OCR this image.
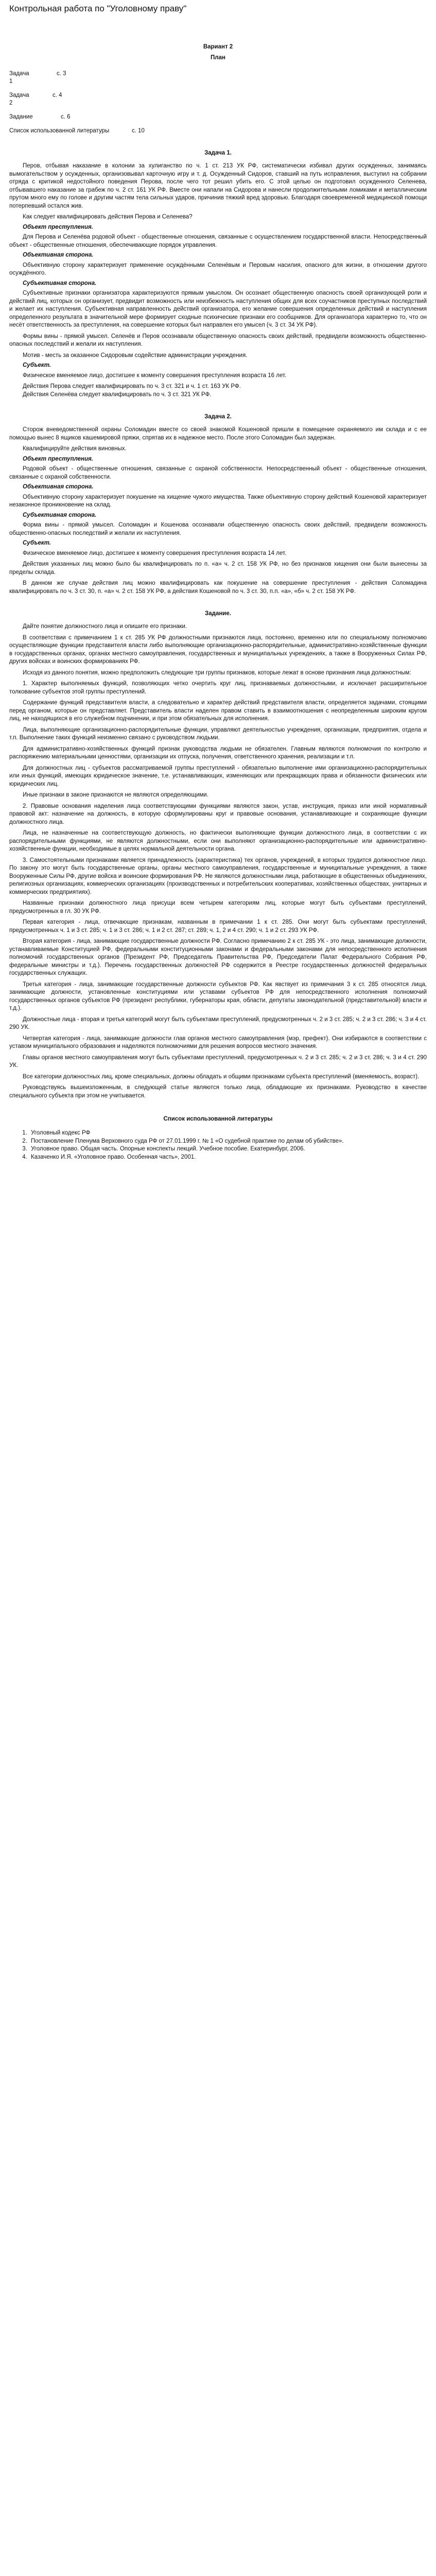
Контрольная работа по "Уголовному праву"
Вариант 2
План
Задача 1
с. 3
Задача 2
с. 4
Задание	с. 6
Список использованной литературы	с. 10
Задача 1.

Перов, отбывая наказание в колонии за хулиганство по ч. 1 ст. 213 УК РФ, систематически избивал других осужденных, занимаясь вымогательством у осужденных, организовывал карточную игру и т. д. Осужденный Сидоров, ставший на путь исправления, выступил на собрании отряда с критикой недостойного поведения Перова, после чего тот решил убить его. С этой целью он подготовил осужденного Селенева, отбывавшего наказание за грабеж по ч. 2 ст. 161 УК РФ. Вместе они напали на Сидорова и нанесли продолжительными ломиками и металлическим прутом много ему по голове и другим частям тела сильных ударов, причинив тяжкий вред здоровью. Благодаря своевременной медицинской помощи потерпевший остался жив.

Как следует квалифицировать действия Перова и Селенева?

Объект преступления.

Для Перова и Селенёва родовой объект - общественные отношения, связанные с осуществлением государственной власти. Непосредственный объект - общественные отношения, обеспечивающие порядок управления.

Объективная сторона.

Объективную сторону характеризует применение осуждёнными Селенёвым и Перовым насилия, опасного для жизни, в отношении другого осуждённого.

Субъективная сторона.

Субъективные признаки организатора характеризуются прямым умыслом. Он осознает общественную опасность своей организующей роли и действий лиц, которых он организует, предвидит возможность или неизбежность наступления общих для всех соучастников преступных последствий и желает их наступления. Субъективная направленность действий организатора, его желание совершения определенных действий и наступления определенного результата в значительной мере формирует сходные психические признаки его сообщников. Для организатора характерно то, что он несёт ответственность за преступления, на совершение которых был направлен его умысел (ч. 3 ст. 34 УК РФ).

Формы вины - прямой умысел. Селенёв и Перов осознавали общественную опасность своих действий, предвидели возможность общественно-опасных последствий и желали их наступления.

Мотив - месть за оказанное Сидоровым содействие администрации учреждения.

Субъект.

Физическое вменяемое лицо, достигшее к моменту совершения преступления возраста 16 лет.

Действия Перова следует квалифицировать по ч. 3 ст. 321 и ч. 1 ст. 163 УК РФ.

Действия Селенёва следует квалифицировать по ч. 3 ст. 321 УК РФ.

Задача 2.

Сторож вневедомственной охраны Соломадин вместе со своей знакомой Кошеновой пришли в помещение охраняемого им склада и с ее помощью вынес 8 ящиков кашемировой пряжи, спрятав их в надежное место. После этого Соломадин был задержан.

Квалифицируйте действия виновных.

Объект преступления.

Родовой объект - общественные отношения, связанные с охраной собственности. Непосредственный объект - общественные отношения, связанные с охраной собственности.

Объективная сторона.

Объективную сторону характеризует покушение на хищение чужого имущества. Также объективную сторону действий Кошеновой характеризует незаконное проникновение на склад.

Субъективная сторона.

Форма вины - прямой умысел. Соломадин и Кошенова осознавали общественную опасность своих действий, предвидели возможность общественно-опасных последствий и желали их наступления.

Субъект.

Физическое вменяемое лицо, достигшее к моменту совершения преступления возраста 14 лет.

Действия указанных лиц можно было бы квалифицировать по п. «а» ч. 2 ст. 158 УК РФ, но без признаков хищения они были вынесены за пределы склада.

В данном же случае действия лиц можно квалифицировать как покушение на совершение преступления - действия Соломадина квалифицировать по ч. 3 ст. 30, п. «а» ч. 2 ст. 158 УК РФ, а действия Кошеновой по ч. 3 ст. 30, п.п. «а», «б» ч. 2 ст. 158 УК РФ.

Задание.

Дайте понятие должностного лица и опишите его признаки.

В соответствии с примечанием 1 к ст. 285 УК РФ должностными признаются лица, постоянно, временно или по специальному полномочию осуществляющие функции представителя власти либо выполняющие организационно-распорядительные, административно-хозяйственные функции в государственных органах, органах местного самоуправления, государственных и муниципальных учреждениях, а также в Вооруженных Силах РФ, других войсках и воинских формированиях РФ.

Исходя из данного понятия, можно предположить следующие три группы признаков, которые лежат в основе признания лица должностным:

1. Характер выполняемых функций, позволяющих четко очертить круг лиц, признаваемых должностными, и исключает расширительное толкование субъектов этой группы преступлений.

Содержание функций представителя власти, а следовательно и характер действий представителя власти, определяется задачами, стоящими перед органом, которые он представляет. Представитель власти наделен правом ставить в взаимоотношения с неопределенным широким кругом лиц, не находящихся в его служебном подчинении, и при этом обязательных для исполнения.

Лица, выполняющие организационно-распорядительные функции, управляют деятельностью учреждения, организации, предприятия, отдела и т.п. Выполнение таких функций неизменно связано с руководством людьми.

Для административно-хозяйственных функций признак руководства людьми не обязателен. Главным являются полномочия по контролю и распоряжению материальными ценностями, организации их отпуска, получения, ответственного хранения, реализации и т.п.

Для должностных лиц - субъектов рассматриваемой группы преступлений - обязательно выполнение ими организационно-распорядительных или иных функций, имеющих юридическое значение, т.е. устанавливающих, изменяющих или прекращающих права и обязанности физических или юридических лиц.

Иные признаки в законе признаются не являются определяющими.

2. Правовые основания наделения лица соответствующими функциями являются закон, устав, инструкция, приказ или иной нормативный правовой акт: назначение на должность, в которую сформулированы круг и правовые основания, устанавливающие и сохраняющие функции должностного лица.

Лица, не назначенные на соответствующую должность, но фактически выполняющие функции должностного лица, в соответствии с их распорядительными функциями, не являются должностными, если они выполняют организационно-распорядительные или административно-хозяйственные функции, необходимые в целях нормальной деятельности органа.

3. Самостоятельными признаками является принадлежность (характеристика) тех органов, учреждений, в которых трудится должностное лицо. По закону это могут быть государственные органы, органы местного самоуправления, государственные и муниципальные учреждения, а также Вооруженные Силы РФ, другие войска и воинские формирования РФ. Не являются должностными лица, работающие в общественных объединениях, религиозных организациях, коммерческих организациях (производственных и потребительских кооперативах, хозяйственных обществах, унитарных и коммерческих предприятиях).

Названные признаки должностного лица присущи всем четырем категориям лиц, которые могут быть субъектами преступлений, предусмотренных в гл. 30 УК РФ.

Первая категория - лица, отвечающие признакам, названным в примечании 1 к ст. 285. Они могут быть субъектами преступлений, предусмотренных ч. 1 и 3 ст. 285; ч. 1 и 3 ст. 286; ч. 1 и 2 ст. 287; ст. 289; ч. 1, 2 и 4 ст. 290; ч. 1 и 2 ст. 293 УК РФ.

Вторая категория - лица, занимающие государственные должности РФ. Согласно примечанию 2 к ст. 285 УК - это лица, занимающие должности, устанавливаемые Конституцией РФ, федеральными конституционными законами и федеральными законами для непосредственного исполнения полномочий государственных органов (Президент РФ, Председатель Правительства РФ, Председатели Палат Федерального Собрания РФ, федеральные министры и т.д.). Перечень государственных должностей РФ содержится в Реестре государственных должностей федеральных государственных служащих.

Третья категория - лица, занимающие государственные должности субъектов РФ. Как явствует из примечания 3 к ст. 285 относятся лица, занимающие должности, установленные конституциями или уставами субъектов РФ для непосредственного исполнения полномочий государственных органов субъектов РФ (президент республики, губернаторы края, области, депутаты законодательной (представительной) власти и т.д.).

Должностные лица - вторая и третья категорий могут быть субъектами преступлений, предусмотренных ч. 2 и 3 ст. 285; ч. 2 и 3 ст. 286; ч. 3 и 4 ст. 290 УК.

Четвертая категория - лица, занимающие должности глав органов местного самоуправления (мэр, префект). Они избираются в соответствии с уставом муниципального образования и наделяются полномочиями для решения вопросов местного значения.

Главы органов местного самоуправления могут быть субъектами преступлений, предусмотренных ч. 2 и 3 ст. 285; ч. 2 и 3 ст. 286; ч. 3 и 4 ст. 290 УК.

Все категории должностных лиц, кроме специальных, должны обладать и общими признаками субъекта преступлений (вменяемость, возраст).

Руководствуясь вышеизложенным, в следующей статье являются только лица, обладающие их признаками. Руководство в качестве специального субъекта при этом не учитывается.

Список использованной литературы
1. Уголовный кодекс РФ
2. Постановление Пленума Верховного суда РФ от 27.01.1999 г. № 1 «О судебной практике по делам об убийстве».
3. Уголовное право. Общая часть. Опорные конспекты лекций. Учебное пособие. Екатеринбург, 2006.
4. Казаченко И.Я. «Уголовное право. Особенная часть», 2001.
